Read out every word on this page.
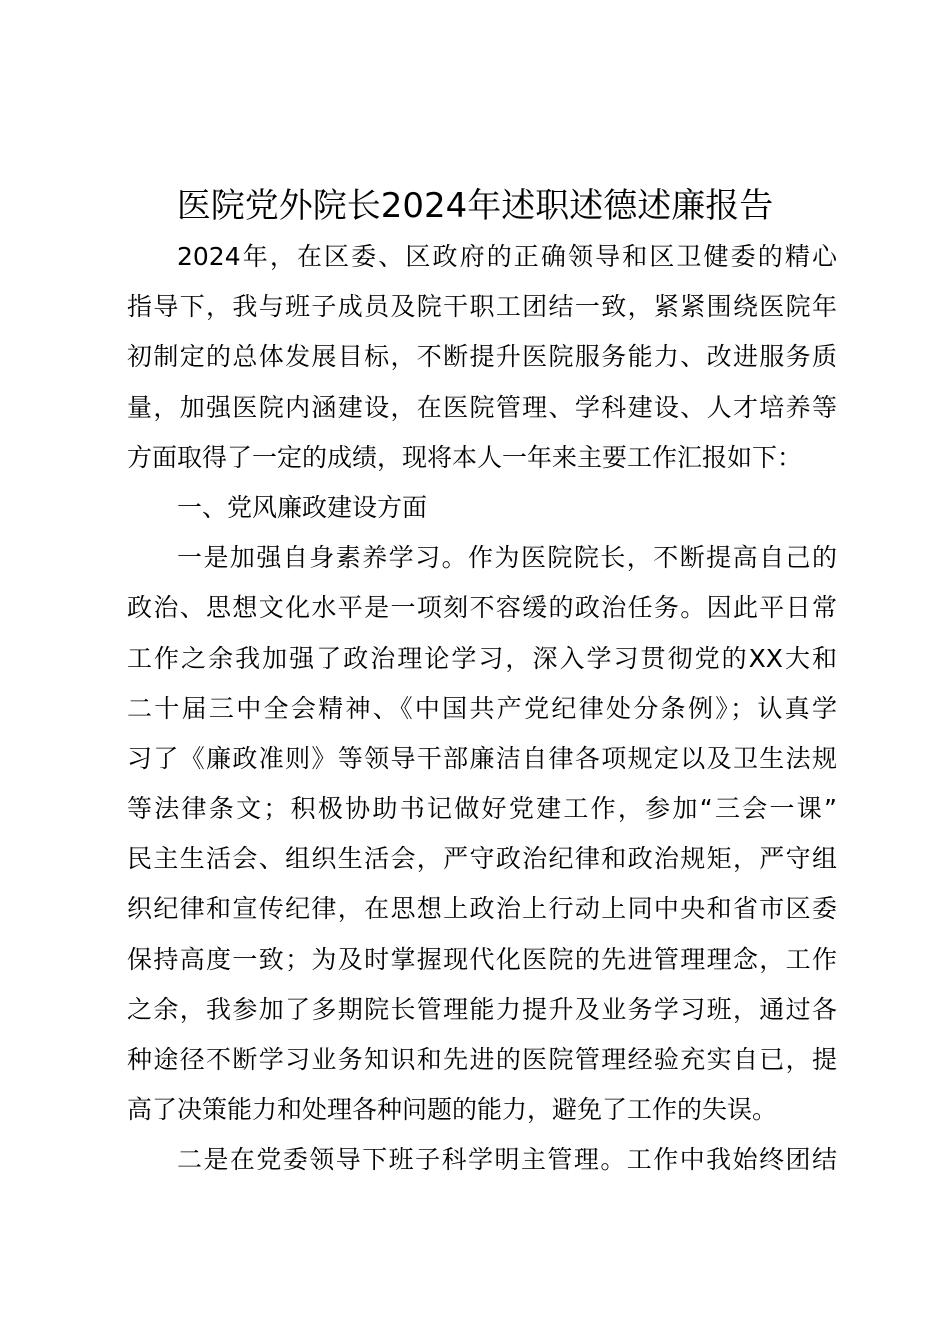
医院党外院长2024年述职述德述廉报告
2024年，在区委、区政府的正确领导和区卫健委的精心
指导下，我与班子成员及院干职工团结一致，紧紧围绕医院年
初制定的总体发展目标，不断提升医院服务能力、改进服务质
量，加强医院内涵建设，在医院管理、学科建设、人才培养等
方面取得了一定的成绩，现将本人一年来主要工作汇报如下：
一、党风廉政建设方面
一是加强自身素养学习。作为医院院长，不断提高自己的
政治、思想文化水平是一项刻不容缓的政治任务。因此平日常
工作之余我加强了政治理论学习，深入学习贯彻党的XX大和
二十届三中全会精神、《中国共产党纪律处分条例》；认真学
习了《廉政准则》等领导干部廉洁自律各项规定以及卫生法规
等法律条文；积极协助书记做好党建工作，参加“三会一课”
民主生活会、组织生活会，严守政治纪律和政治规矩，严守组
织纪律和宣传纪律，在思想上政治上行动上同中央和省市区委
保持高度一致；为及时掌握现代化医院的先进管理理念，工作
之余，我参加了多期院长管理能力提升及业务学习班，通过各
种途径不断学习业务知识和先进的医院管理经验充实自已，提
高了决策能力和处理各种问题的能力，避免了工作的失误。
二是在党委领导下班子科学明主管理。工作中我始终团结
